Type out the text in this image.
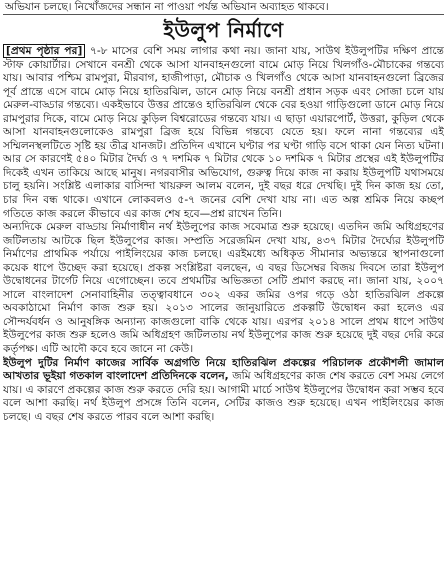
অভিযান চলছে। নিখোঁজদের সন্ধান না পাওয়া পর্যন্ত অভিযান অব্যাহত থাকবে।
ইউলুপ নির্মাণে

[প্রথম পৃষ্ঠার পর] ৭-৮ মাসের বেশি সময় লাগার কথা নয়। জানা যায়, সাউথ ইউলুপটির দক্ষিণ প্রান্তে স্টাফ কোয়ার্টার। সেখানে বনশ্রী থেকে আসা যানবাহনগুলো বামে মোড় নিয়ে খিলগাঁও-মৌচাকের গন্তব্যে যায়। আবার পশ্চিম রামপুরা, মীরবাগ, হাজীপাড়া, মৌচাক ও খিলগাঁও থেকে আসা যানবাহনগুলো ব্রিজের পূর্ব প্রান্তে এসে বামে মোড় নিয়ে হাতিরঝিল, ডানে মোড় নিয়ে বনশ্রী প্রধান সড়ক এবং সোজা চলে যায় মেরুল-বাড্ডার গন্তব্যে। একইভাবে উত্তর প্রান্তেও হাতিরঝিল থেকে বের হওয়া গাড়িগুলো ডানে মোড় নিয়ে রামপুরার দিকে, বামে মোড় নিয়ে কুড়িল বিশ্বরোডের গন্তব্যে যায়। এ ছাড়া এয়ারপোর্ট, উত্তরা, কুড়িল থেকে আসা যানবাহনগুলোকেও রামপুরা ব্রিজ হয়ে বিভিন্ন গন্তব্যে যেতে হয়। ফলে নানা গন্তব্যের এই সম্মিলনস্থলটিতে সৃষ্টি হয় তীব্র যানজট। প্রতিদিন এখানে ঘণ্টার পর ঘণ্টা গাড়ি বসে থাকা যেন নিত্য ঘটনা। আর সে কারণেই ৫৪০ মিটার দৈর্ঘ্য ও ৭ দশমিক ৭ মিটার থেকে ১০ দশমিক ৭ মিটার প্রস্থের এই ইউলুপটির দিকেই এখন তাকিয়ে আছে মানুষ। নগরবাসীর অভিযোগ, গুরুত্ব দিয়ে কাজ না করায় ইউলুপটি যথাসময়ে চালু হয়নি। সংশ্লিষ্ট এলাকার বাসিন্দা খায়রুল আলম বলেন, দুই বছর ধরে দেখছি। দুই দিন কাজ হয় তো, চার দিন বন্ধ থাকে। এখানে লোকবলও ৫-৭ জনের বেশি দেখা যায় না। এত অল্প শ্রমিক নিয়ে কচ্ছপ গতিতে কাজ করলে কীভাবে এর কাজ শেষ হবে—প্রশ্ন রাখেন তিনি।

অন্যদিকে মেরুল বাড্ডায় নির্মাণাধীন নর্থ ইউলুপের কাজ সবেমাত্র শুরু হয়েছে। এতদিন জমি অধিগ্রহণের জটিলতায় আটকে ছিল ইউলুপের কাজ। সম্প্রতি সরেজমিন দেখা যায়, ৪৩৭ মিটার দৈর্ঘ্যের ইউলুপটি নির্মাণের প্রাথমিক পর্যায়ে পাইলিংয়ের কাজ চলছে। এরইমধ্যে অধিকৃত সীমানার অভ্যন্তরে স্থাপনাগুলো কয়েক ধাপে উচ্ছেদ করা হয়েছে। প্রকল্প সংশ্লিষ্টরা বলছেন, এ বছর ডিসেম্বর বিজয় দিবসে তারা ইউলুপ উদ্বোধনের টার্গেট নিয়ে এগোচ্ছেন। তবে প্রথমটির অভিজ্ঞতা সেটি প্রমাণ করছে না। জানা যায়, ২০০৭ সালে বাংলাদেশ সেনাবাহিনীর তত্ত্বাবধানে ৩০২ একর জমির ওপর গড়ে ওঠা হাতিরঝিল প্রকল্পে অবকাঠামো নির্মাণ কাজ শুরু হয়। ২০১৩ সালের জানুয়ারিতে প্রকল্পটি উদ্বোধন করা হলেও এর সৌন্দর্যবর্ধন ও আনুষঙ্গিক অন্যান্য কাজগুলো বাকি থেকে যায়। এরপর ২০১৪ সালে প্রথম ধাপে সাউথ ইউলুপের কাজ শুরু হলেও জমি অধিগ্রহণ জটিলতায় নর্থ ইউলুপের কাজ শুরু হয়েছে দুই বছর দেরি করে কর্তৃপক্ষ। এটি আদৌ কবে হবে জানে না কেউ।

ইউলুপ দুটির নির্মাণ কাজের সার্বিক অগ্রগতি নিয়ে হাতিরঝিল প্রকল্পের পরিচালক প্রকৌশলী জামাল আখতার ভূইয়া গতকাল বাংলাদেশ প্রতিদিনকে বলেন, জমি অধিগ্রহণের কাজ শেষ করতে বেশ সময় লেগে যায়। এ কারণে প্রকল্পের কাজ শুরু করতে দেরি হয়। আগামী মার্চে সাউথ ইউলুপের উদ্বোধন করা সম্ভব হবে বলে আশা করছি। নর্থ ইউলুপ প্রসঙ্গে তিনি বলেন, সেটির কাজও শুরু হয়েছে। এখন পাইলিংয়ের কাজ চলছে। এ বছর শেষ করতে পারব বলে আশা করছি।
